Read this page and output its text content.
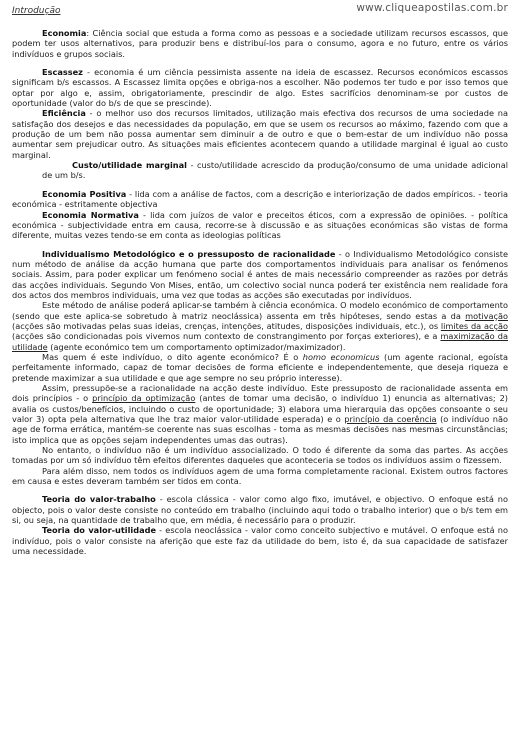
Introdução	www.cliqueapostilas.com.br

Economia: Ciência social que estuda a forma como as pessoas e a sociedade utilizam recursos escassos, que podem ter usos alternativos, para produzir bens e distribuí-los para o consumo, agora e no futuro, entre os vários indivíduos e grupos sociais.

Escassez - economia é um ciência pessimista assente na ideia de escassez. Recursos económicos escassos significam b/s escassos. A Escassez limita opções e obriga-nos a escolher. Não podemos ter tudo e por isso temos que optar por algo e, assim, obrigatoriamente, prescindir de algo. Estes sacrifícios denominam-se por custos de oportunidade (valor do b/s de que se prescinde).

Eficiência - o melhor uso dos recursos limitados, utilização mais efectiva dos recursos de uma sociedade na satisfação dos desejos e das necessidades da população, em que se usem os recursos ao máximo, fazendo com que a produção de um bem não possa aumentar sem diminuir a de outro e que o bem-estar de um indivíduo não possa aumentar sem prejudicar outro. As situações mais eficientes acontecem quando a utilidade marginal é igual ao custo marginal.

Custo/utilidade marginal - custo/utilidade acrescido da produção/consumo de uma unidade adicional de um b/s.

Economia Positiva - lida com a análise de factos, com a descrição e interiorização de dados empíricos. - teoria económica - estritamente objectiva

Economia Normativa - lida com juízos de valor e preceitos éticos, com a expressão de opiniões. - política económica - subjectividade entra em causa, recorre-se à discussão e as situações económicas são vistas de forma diferente, muitas vezes tendo-se em conta as ideologias políticas

Individualismo Metodológico e o pressuposto de racionalidade - o Individualismo Metodológico consiste num método de análise da acção humana que parte dos comportamentos individuais para analisar os fenómenos sociais. Assim, para poder explicar um fenómeno social é antes de mais necessário compreender as razões por detrás das acções individuais. Segundo Von Mises, então, um colectivo social nunca poderá ter existência nem realidade fora dos actos dos membros individuais, uma vez que todas as acções são executadas por indivíduos.

Este método de análise poderá aplicar-se também à ciência económica. O modelo económico de comportamento (sendo que este aplica-se sobretudo à matriz neoclássica) assenta em três hipóteses, sendo estas a da motivação (acções são motivadas pelas suas ideias, crenças, intenções, atitudes, disposições individuais, etc.), os limites da acção (acções são condicionadas pois vivemos num contexto de constrangimento por forças exteriores), e a maximização da utilidade (agente económico tem um comportamento optimizador/maximizador).

Mas quem é este indivíduo, o dito agente económico? É o homo economicus (um agente racional, egoísta perfeitamente informado, capaz de tomar decisões de forma eficiente e independentemente, que deseja riqueza e pretende maximizar a sua utilidade e que age sempre no seu próprio interesse).

Assim, pressupõe-se a racionalidade na acção deste indivíduo. Este pressuposto de racionalidade assenta em dois princípios - o princípio da optimização (antes de tomar uma decisão, o indivíduo 1) enuncia as alternativas; 2) avalia os custos/benefícios, incluindo o custo de oportunidade; 3) elabora uma hierarquia das opções consoante o seu valor 3) opta pela alternativa que lhe traz maior valor-utilidade esperada) e o princípio da coerência (o indivíduo não age de forma errática, mantém-se coerente nas suas escolhas - toma as mesmas decisões nas mesmas circunstâncias; isto implica que as opções sejam independentes umas das outras).

No entanto, o indivíduo não é um indivíduo assocializado. O todo é diferente da soma das partes. As acções tomadas por um só indivíduo têm efeitos diferentes daqueles que aconteceria se todos os indivíduos assim o fizessem.

Para além disso, nem todos os indivíduos agem de uma forma completamente racional. Existem outros factores em causa e estes deveram também ser tidos em conta.

Teoria do valor-trabalho - escola clássica - valor como algo fixo, imutável, e objectivo. O enfoque está no objecto, pois o valor deste consiste no conteúdo em trabalho (incluindo aqui todo o trabalho interior) que o b/s tem em si, ou seja, na quantidade de trabalho que, em média, é necessário para o produzir.

Teoria do valor-utilidade - escola neoclássica - valor como conceito subjectivo e mutável. O enfoque está no indivíduo, pois o valor consiste na aferição que este faz da utilidade do bem, isto é, da sua capacidade de satisfazer uma necessidade.
